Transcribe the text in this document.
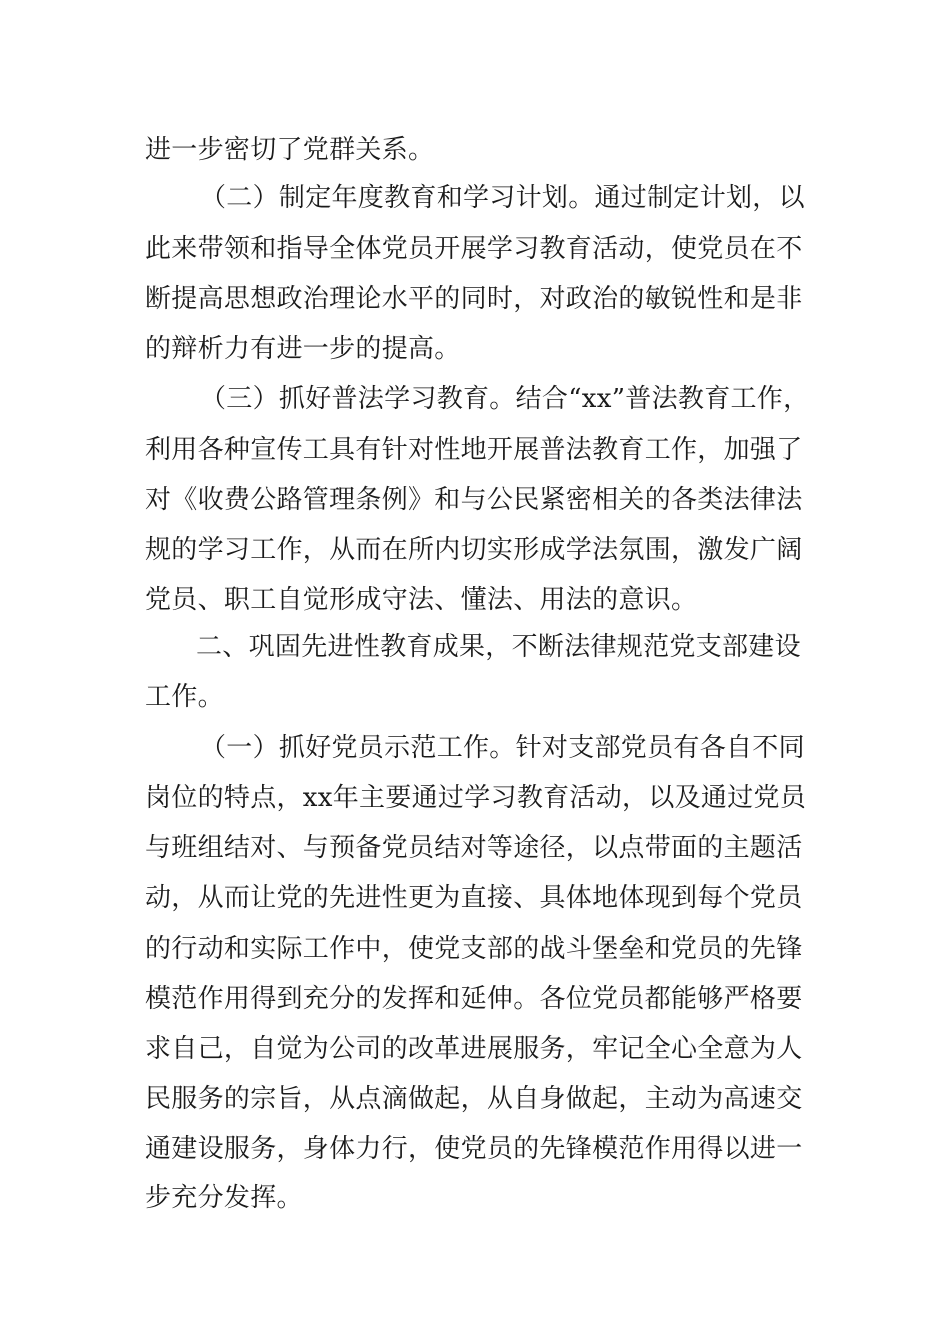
进一步密切了党群关系。
（二）制定年度教育和学习计划。通过制定计划，以
此来带领和指导全体党员开展学习教育活动，使党员在不
断提高思想政治理论水平的同时，对政治的敏锐性和是非
的辩析力有进一步的提高。
（三）抓好普法学习教育。结合“xx”普法教育工作，
利用各种宣传工具有针对性地开展普法教育工作，加强了
对《收费公路管理条例》和与公民紧密相关的各类法律法
规的学习工作，从而在所内切实形成学法氛围，激发广阔
党员、职工自觉形成守法、懂法、用法的意识。
二、巩固先进性教育成果，不断法律规范党支部建设
工作。
（一）抓好党员示范工作。针对支部党员有各自不同
岗位的特点，xx年主要通过学习教育活动，以及通过党员
与班组结对、与预备党员结对等途径，以点带面的主题活
动，从而让党的先进性更为直接、具体地体现到每个党员
的行动和实际工作中，使党支部的战斗堡垒和党员的先锋
模范作用得到充分的发挥和延伸。各位党员都能够严格要
求自己，自觉为公司的改革进展服务，牢记全心全意为人
民服务的宗旨，从点滴做起，从自身做起，主动为高速交
通建设服务，身体力行，使党员的先锋模范作用得以进一
步充分发挥。
